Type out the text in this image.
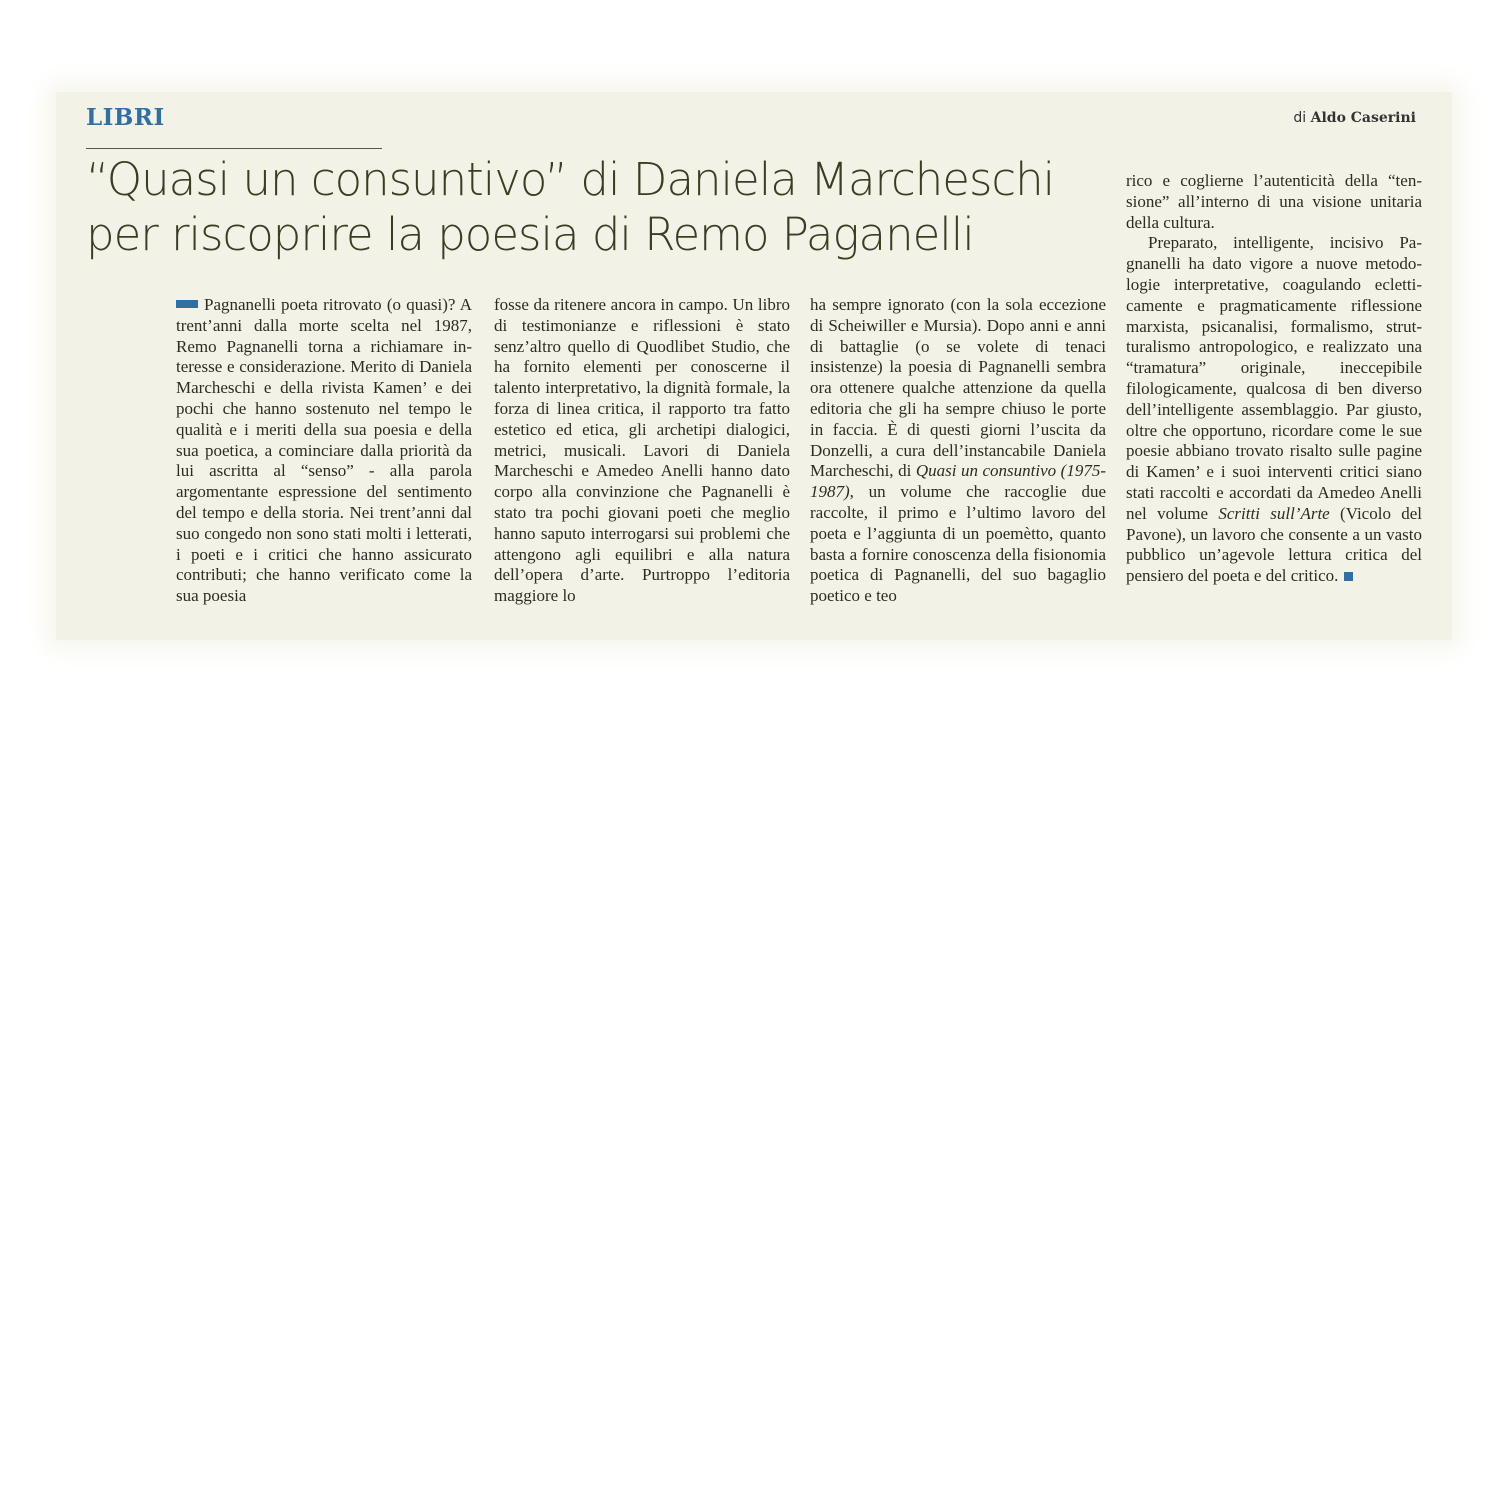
LIBRI	di Aldo Caserini
“Quasi un consuntivo” di Daniela Marcheschi
per riscoprire la poesia di Remo Paganelli

Pagnanelli poeta ritrovato (o quasi)? A trent’anni dalla morte scelta nel 1987, Remo Pagnanelli torna a richiamare interesse e considerazione. Merito di Daniela Marcheschi e della rivista Kamen’ e dei pochi che hanno sostenuto nel tempo le qualità e i meriti della sua poesia e della sua poetica, a cominciare dalla priorità da lui ascritta al “senso” - alla parola argomentante espressione del sentimento del tempo e della storia. Nei trent’anni dal suo congedo non sono stati molti i letterati, i poeti e i critici che hanno assicurato contributi; che hanno verificato come la sua poesia

fosse da ritenere ancora in campo. Un libro di testimonianze e riflessioni è stato senz’altro quello di Quodlibet Studio, che ha fornito elementi per conoscerne il talento interpretativo, la dignità formale, la forza di linea critica, il rapporto tra fatto estetico ed etica, gli archetipi dialogici, metrici, musicali. Lavori di Daniela Marcheschi e Amedeo Anelli hanno dato corpo alla convinzione che Pagnanelli è stato tra pochi giovani poeti che meglio hanno saputo interrogarsi sui problemi che attengono agli equilibri e alla natura dell’opera d’arte. Purtroppo l’editoria maggiore lo

ha sempre ignorato (con la sola eccezione di Scheiwiller e Mursia). Dopo anni e anni di battaglie (o se volete di tenaci insistenze) la poesia di Pagnanelli sembra ora ottenere qualche attenzione da quella editoria che gli ha sempre chiuso le porte in faccia. È di questi giorni l’uscita da Donzelli, a cura dell’instancabile Daniela Marcheschi, di Quasi un consuntivo (1975-1987), un volume che raccoglie due raccolte, il primo e l’ultimo lavoro del poeta e l’aggiunta di un poemètto, quanto basta a fornire conoscenza della fisionomia poetica di Pagnanelli, del suo bagaglio poetico e teo

rico e coglierne l’autenticità della “tensione” all’interno di una visione unitaria della cultura.

Preparato, intelligente, incisivo Pagnanelli ha dato vigore a nuove metodologie interpretative, coagulando ecletticamente e pragmaticamente riflessione marxista, psicanalisi, formalismo, strutturalismo antropologico, e realizzato una “tramatura” originale, ineccepibile filologicamente, qualcosa di ben diverso dell’intelligente assemblaggio. Par giusto, oltre che opportuno, ricordare come le sue poesie abbiano trovato risalto sulle pagine di Kamen’ e i suoi interventi critici siano stati raccolti e accordati da Amedeo Anelli nel volume Scritti sull’Arte (Vicolo del Pavone), un lavoro che consente a un vasto pubblico un’agevole lettura critica del pensiero del poeta e del critico.
